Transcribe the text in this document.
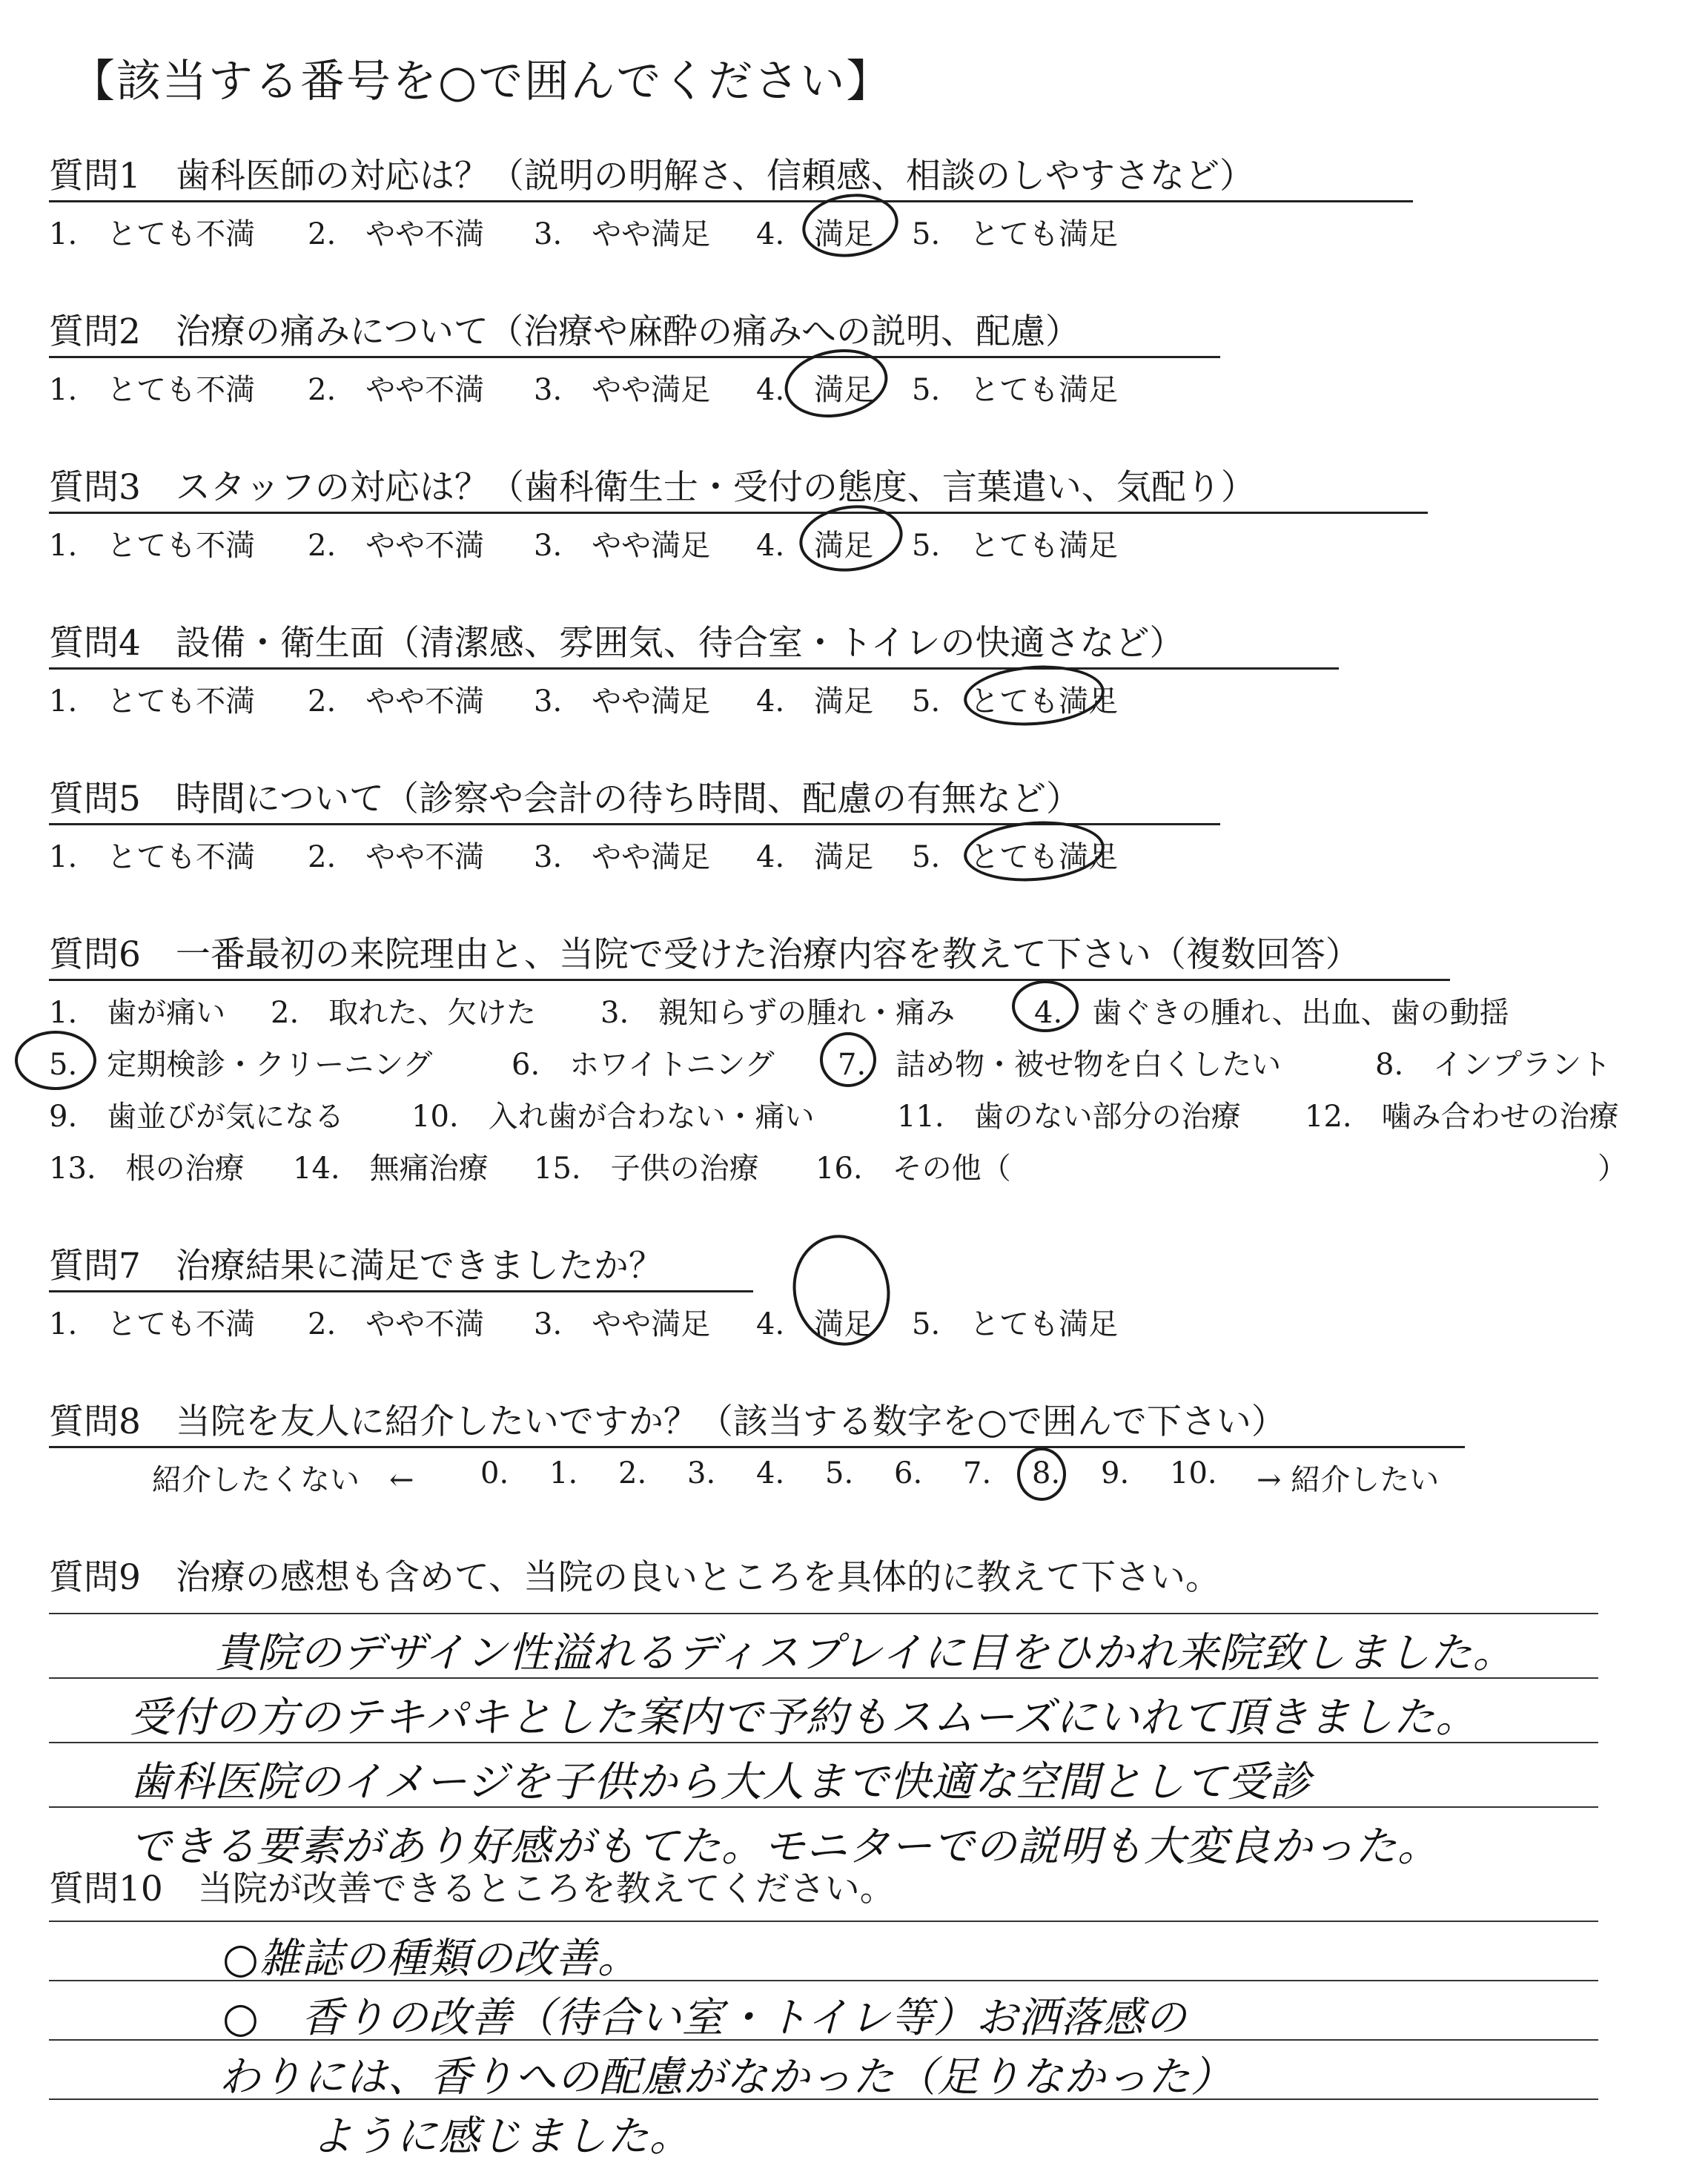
【該当する番号を○で囲んでください】
質問1　歯科医師の対応は？（説明の明解さ、信頼感、相談のしやすさなど）
質問2　治療の痛みについて（治療や麻酔の痛みへの説明、配慮）
質問3　スタッフの対応は？（歯科衛生士・受付の態度、言葉遣い、気配り）
質問4　設備・衛生面（清潔感、雰囲気、待合室・トイレの快適さなど）
質問5　時間について（診察や会計の待ち時間、配慮の有無など）
質問6　一番最初の来院理由と、当院で受けた治療内容を教えて下さい（複数回答）
質問7　治療結果に満足できましたか？
質問8　当院を友人に紹介したいですか？（該当する数字を○で囲んで下さい）
質問9　治療の感想も含めて、当院の良いところを具体的に教えて下さい。
質問10　当院が改善できるところを教えてください。
1.　とても不満 2.　やや不満 3.　やや満足 4.　満足 5.　とても満足
1.　とても不満 2.　やや不満 3.　やや満足 4.　満足 5.　とても満足
1.　とても不満 2.　やや不満 3.　やや満足 4.　満足 5.　とても満足
1.　とても不満 2.　やや不満 3.　やや満足 4.　満足 5.　とても満足
1.　とても不満 2.　やや不満 3.　やや満足 4.　満足 5.　とても満足
1.　とても不満 2.　やや不満 3.　やや満足 4.　満足 5.　とても満足
1.　歯が痛い 2.　取れた、欠けた 3.　親知らずの腫れ・痛み	4.　歯ぐきの腫れ、出血、歯の動揺
5.　定期検診・クリーニング	6.　ホワイトニング 7.　詰め物・被せ物を白くしたい	8.　インプラント
9.　歯並びが気になる 10.　入れ歯が合わない・痛い	11.　歯のない部分の治療 12.　噛み合わせの治療
13.　根の治療 14.　無痛治療 15.　子供の治療 16.　その他（	）
紹介したくない　← 0. 1. 2. 3. 4. 5. 6. 7. 8. 9. 10. → 紹介したい
貴院のデザイン性溢れるディスプレイに目をひかれ来院致しました。
受付の方のテキパキとした案内で予約もスムーズにいれて頂きました。
歯科医院のイメージを子供から大人まで快適な空間として受診
できる要素があり好感がもてた。モニターでの説明も大変良かった。
○雑誌の種類の改善。
○　香りの改善（待合い室・トイレ等）お洒落感の
わりには、香りへの配慮がなかった（足りなかった）
ように感じました。
